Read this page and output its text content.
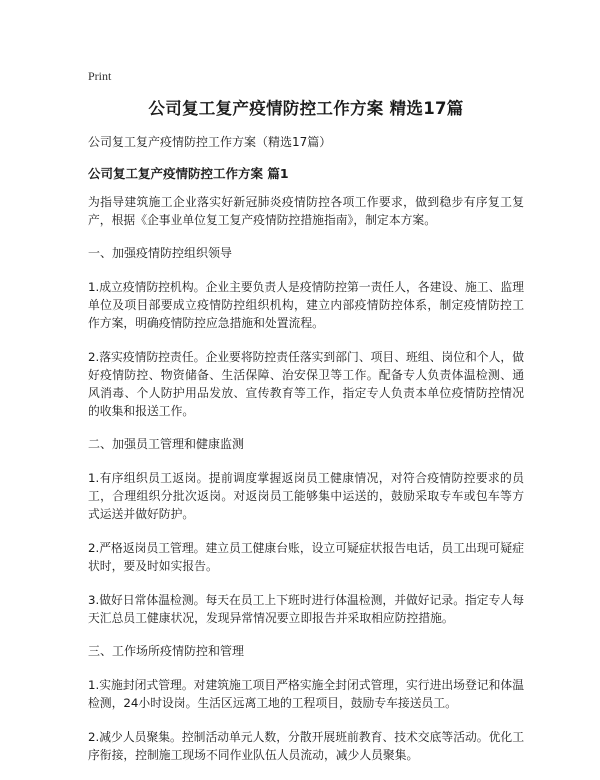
Print
公司复工复产疫情防控工作方案 精选17篇
公司复工复产疫情防控工作方案（精选17篇）
公司复工复产疫情防控工作方案 篇1
为指导建筑施工企业落实好新冠肺炎疫情防控各项工作要求，做到稳步有序复工复产，根据《企事业单位复工复产疫情防控措施指南》，制定本方案。
一、加强疫情防控组织领导
1.成立疫情防控机构。企业主要负责人是疫情防控第一责任人，各建设、施工、监理单位及项目部要成立疫情防控组织机构，建立内部疫情防控体系，制定疫情防控工作方案，明确疫情防控应急措施和处置流程。
2.落实疫情防控责任。企业要将防控责任落实到部门、项目、班组、岗位和个人，做好疫情防控、物资储备、生活保障、治安保卫等工作。配备专人负责体温检测、通风消毒、个人防护用品发放、宣传教育等工作，指定专人负责本单位疫情防控情况的收集和报送工作。
二、加强员工管理和健康监测
1.有序组织员工返岗。提前调度掌握返岗员工健康情况，对符合疫情防控要求的员工，合理组织分批次返岗。对返岗员工能够集中运送的，鼓励采取专车或包车等方式运送并做好防护。
2.严格返岗员工管理。建立员工健康台账，设立可疑症状报告电话，员工出现可疑症状时，要及时如实报告。
3.做好日常体温检测。每天在员工上下班时进行体温检测，并做好记录。指定专人每天汇总员工健康状况，发现异常情况要立即报告并采取相应防控措施。
三、工作场所疫情防控和管理
1.实施封闭式管理。对建筑施工项目严格实施全封闭式管理，实行进出场登记和体温检测，24小时设岗。生活区远离工地的工程项目，鼓励专车接送员工。
2.减少人员聚集。控制活动单元人数，分散开展班前教育、技术交底等活动。优化工序衔接，控制施工现场不同作业队伍人员流动，减少人员聚集。
